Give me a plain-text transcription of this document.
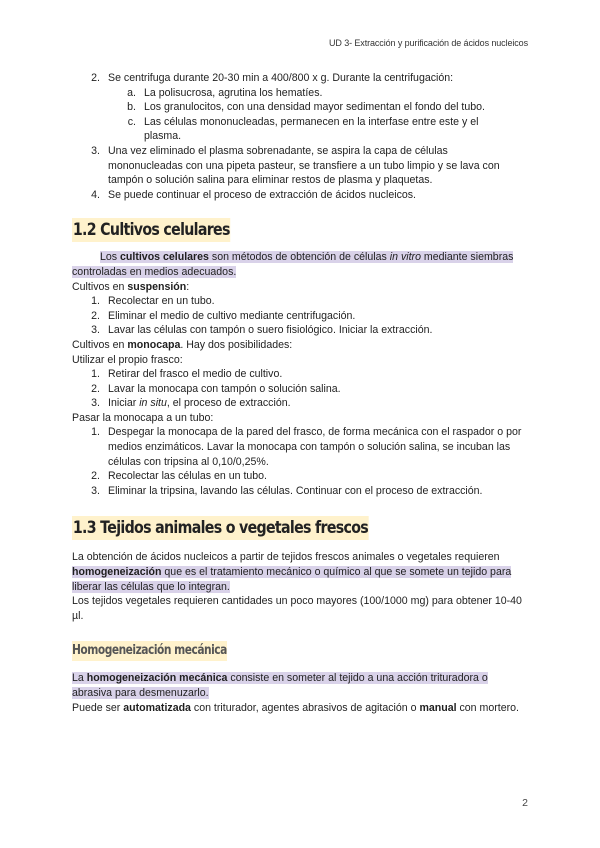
UD 3- Extracción y purificación de ácidos nucleicos
2. Se centrifuga durante 20-30 min a 400/800 x g. Durante la centrifugación:
a. La polisucrosa, agrutina los hematíes.
b. Los granulocitos, con una densidad mayor sedimentan el fondo del tubo.
c. Las células mononucleadas, permanecen en la interfase entre este y el plasma.
3. Una vez eliminado el plasma sobrenadante, se aspira la capa de células mononucleadas con una pipeta pasteur, se transfiere a un tubo limpio y se lava con tampón o solución salina para eliminar restos de plasma y plaquetas.
4. Se puede continuar el proceso de extracción de ácidos nucleicos.
1.2 Cultivos celulares
Los cultivos celulares son métodos de obtención de células in vitro mediante siembras controladas en medios adecuados.
Cultivos en suspensión:
1. Recolectar en un tubo.
2. Eliminar el medio de cultivo mediante centrifugación.
3. Lavar las células con tampón o suero fisiológico. Iniciar la extracción.
Cultivos en monocapa. Hay dos posibilidades:
Utilizar el propio frasco:
1. Retirar del frasco el medio de cultivo.
2. Lavar la monocapa con tampón o solución salina.
3. Iniciar in situ, el proceso de extracción.
Pasar la monocapa a un tubo:
1. Despegar la monocapa de la pared del frasco, de forma mecánica con el raspador o por medios enzimáticos. Lavar la monocapa con tampón o solución salina, se incuban las células con tripsina al 0,10/0,25%.
2. Recolectar las células en un tubo.
3. Eliminar la tripsina, lavando las células. Continuar con el proceso de extracción.
1.3 Tejidos animales o vegetales frescos
La obtención de ácidos nucleicos a partir de tejidos frescos animales o vegetales requieren homogeneización que es el tratamiento mecánico o químico al que se somete un tejido para liberar las células que lo integran.
Los tejidos vegetales requieren cantidades un poco mayores (100/1000 mg) para obtener 10-40 µl.
Homogeneización mecánica
La homogeneización mecánica consiste en someter al tejido a una acción trituradora o abrasiva para desmenuzarlo.
Puede ser automatizada con triturador, agentes abrasivos de agitación o manual con mortero.
2
